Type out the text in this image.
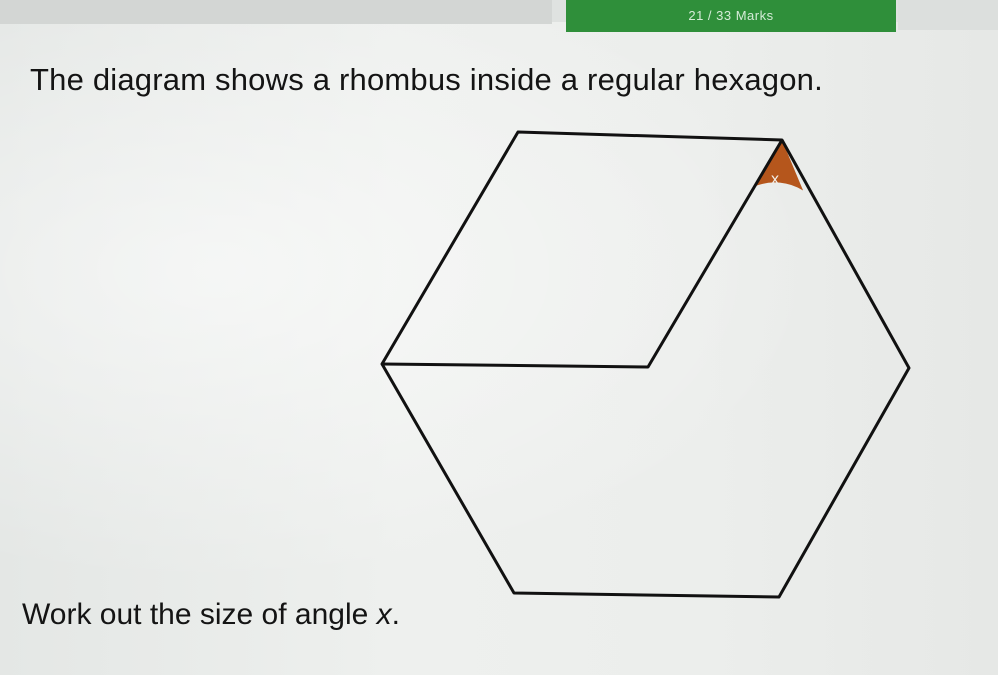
21 / 33 Marks

The diagram shows a rhombus inside a regular hexagon.

x

Work out the size of angle x.
